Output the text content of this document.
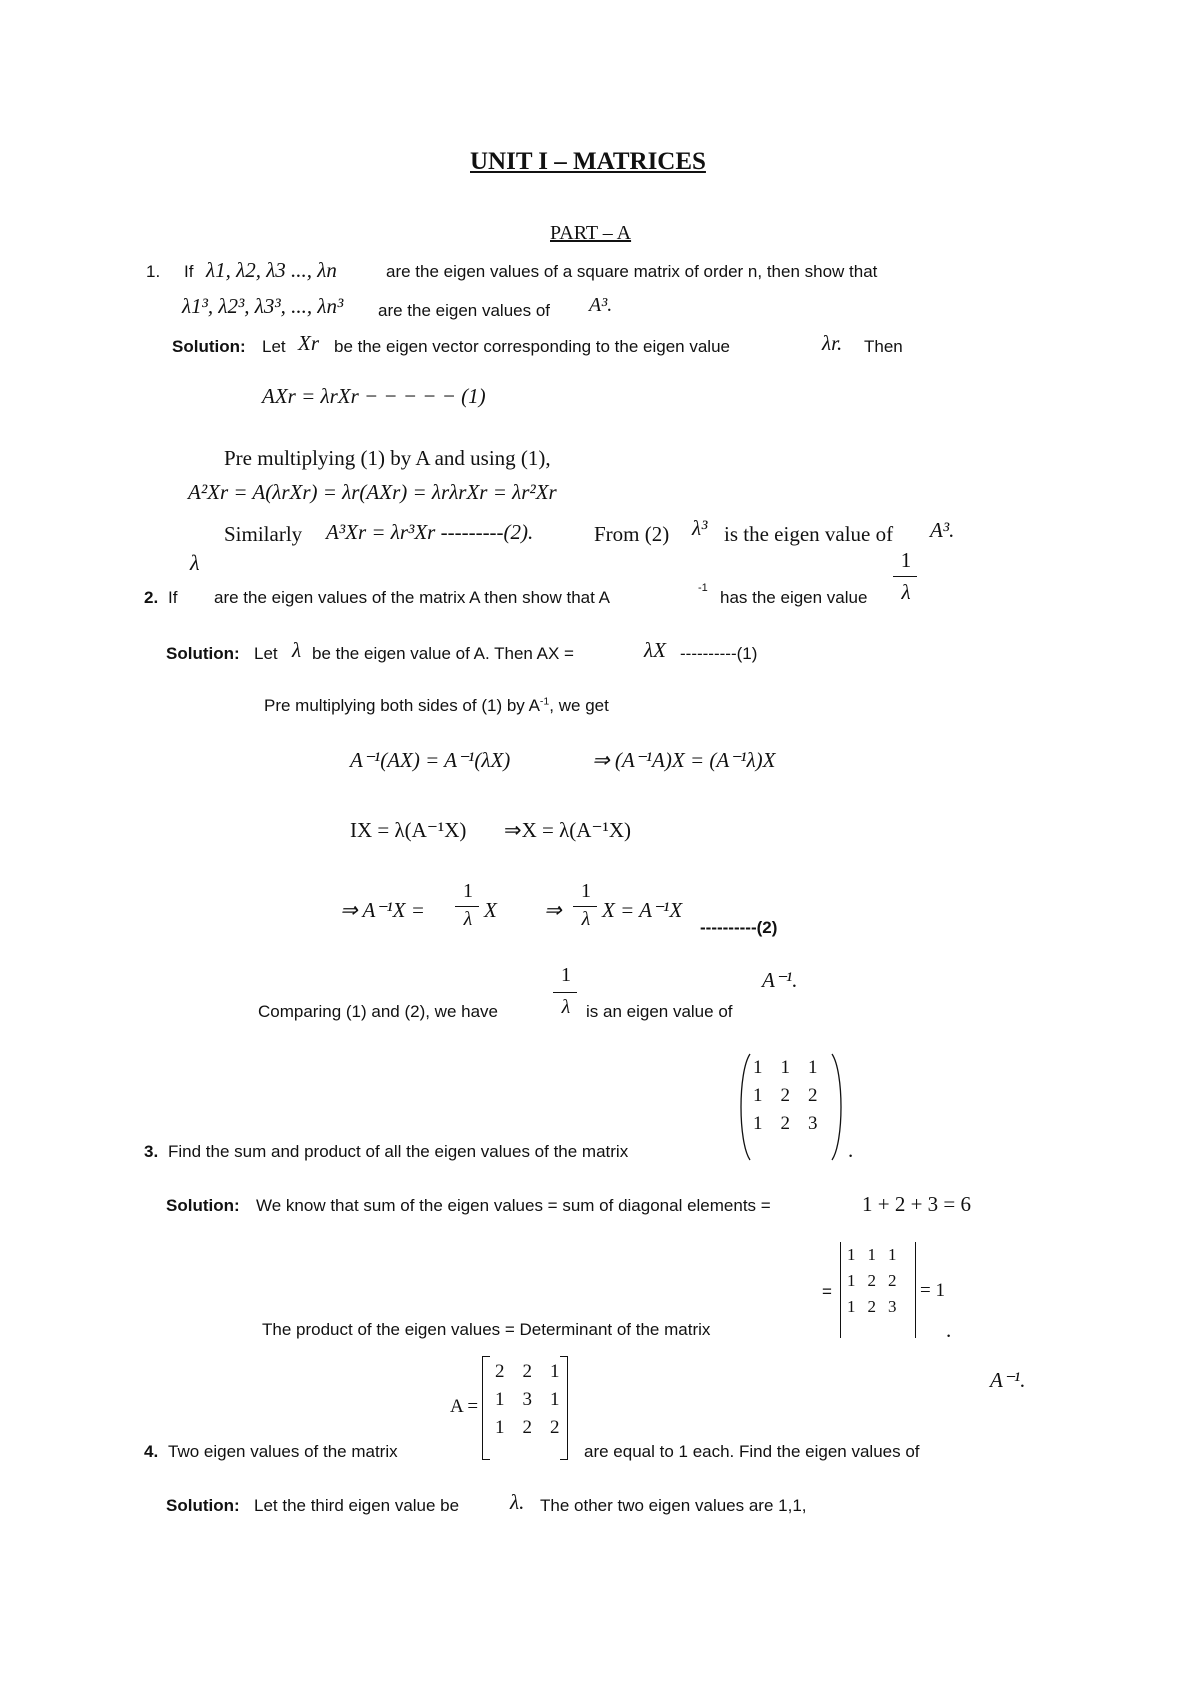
UNIT I – MATRICES
PART – A
1. If λ1, λ2, λ3 ..., λn	are the eigen values of a square matrix of order n, then show that
λ1³, λ2³, λ3³, ..., λn³ are the eigen values of A³.
Solution: Let Xr be the eigen vector corresponding to the eigen value	λr. Then
AXr = λrXr − − − − − (1)
Pre multiplying (1) by A and using (1),
A²Xr = A(λrXr) = λr(AXr) = λrλrXr = λr²Xr
Similarly A³Xr = λr³Xr ---------(2).	From (2) λ³ is the eigen value of A³.
λ
2. If are the eigen values of the matrix A then show that A	-1 has the eigen value
1
λ
Solution: Let λ be the eigen value of A. Then AX =	λX ----------(1)
Pre multiplying both sides of (1) by $A^{-1}$, we get
A⁻¹(AX) = A⁻¹(λX)	⇒ (A⁻¹A)X = (A⁻¹λ)X
IX = λ(A⁻¹X) ⇒X = λ(A⁻¹X)
⇒ A⁻¹X =
1
λ X ⇒
1
λ X = A⁻¹X
----------(2)
1
λ
A⁻¹.
Comparing (1) and (2), we have	is an eigen value of
1	1	1
1	2	2
1	2	3
3. Find the sum and product of all the eigen values of the matrix	.
Solution: We know that sum of the eigen values = sum of diagonal elements =	1 + 2 + 3 = 6
=
1	1	1
1	2	2
1	2	3
= 1
The product of the eigen values = Determinant of the matrix	.
A =
2	2	1
1	3	1
1	2	2
A⁻¹.
4. Two eigen values of the matrix	are equal to 1 each. Find the eigen values of
Solution: Let the third eigen value be λ. The other two eigen values are 1,1,
